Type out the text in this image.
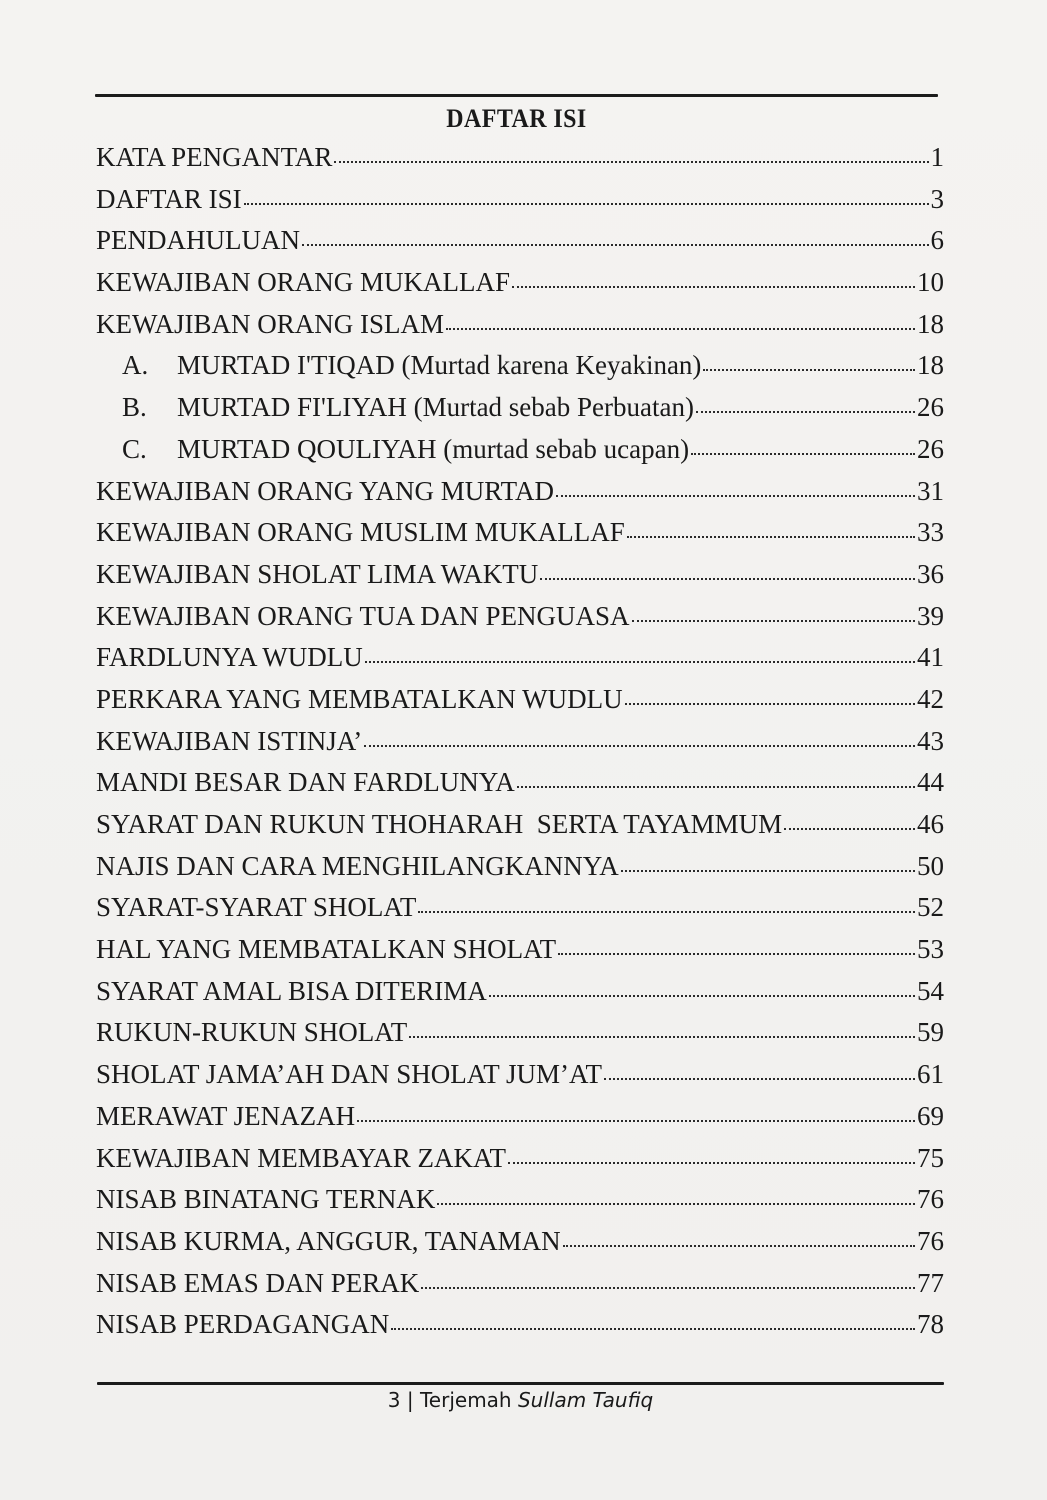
DAFTAR ISI
KATA PENGANTAR	1
DAFTAR ISI	3
PENDAHULUAN	6
KEWAJIBAN ORANG MUKALLAF	10
KEWAJIBAN ORANG ISLAM	18
A.	MURTAD I'TIQAD (Murtad karena Keyakinan)	18
B.	MURTAD FI'LIYAH (Murtad sebab Perbuatan)	26
C.	MURTAD QOULIYAH (murtad sebab ucapan)	26
KEWAJIBAN ORANG YANG MURTAD	31
KEWAJIBAN ORANG MUSLIM MUKALLAF	33
KEWAJIBAN SHOLAT LIMA WAKTU	36
KEWAJIBAN ORANG TUA DAN PENGUASA	39
FARDLUNYA WUDLU	41
PERKARA YANG MEMBATALKAN WUDLU	42
KEWAJIBAN ISTINJA’	43
MANDI BESAR DAN FARDLUNYA	44
SYARAT DAN RUKUN THOHARAH  SERTA TAYAMMUM	46
NAJIS DAN CARA MENGHILANGKANNYA	50
SYARAT-SYARAT SHOLAT	52
HAL YANG MEMBATALKAN SHOLAT	53
SYARAT AMAL BISA DITERIMA	54
RUKUN-RUKUN SHOLAT	59
SHOLAT JAMA’AH DAN SHOLAT JUM’AT	61
MERAWAT JENAZAH	69
KEWAJIBAN MEMBAYAR ZAKAT	75
NISAB BINATANG TERNAK	76
NISAB KURMA, ANGGUR, TANAMAN	76
NISAB EMAS DAN PERAK	77
NISAB PERDAGANGAN	78
3 | Terjemah Sullam Taufiq
